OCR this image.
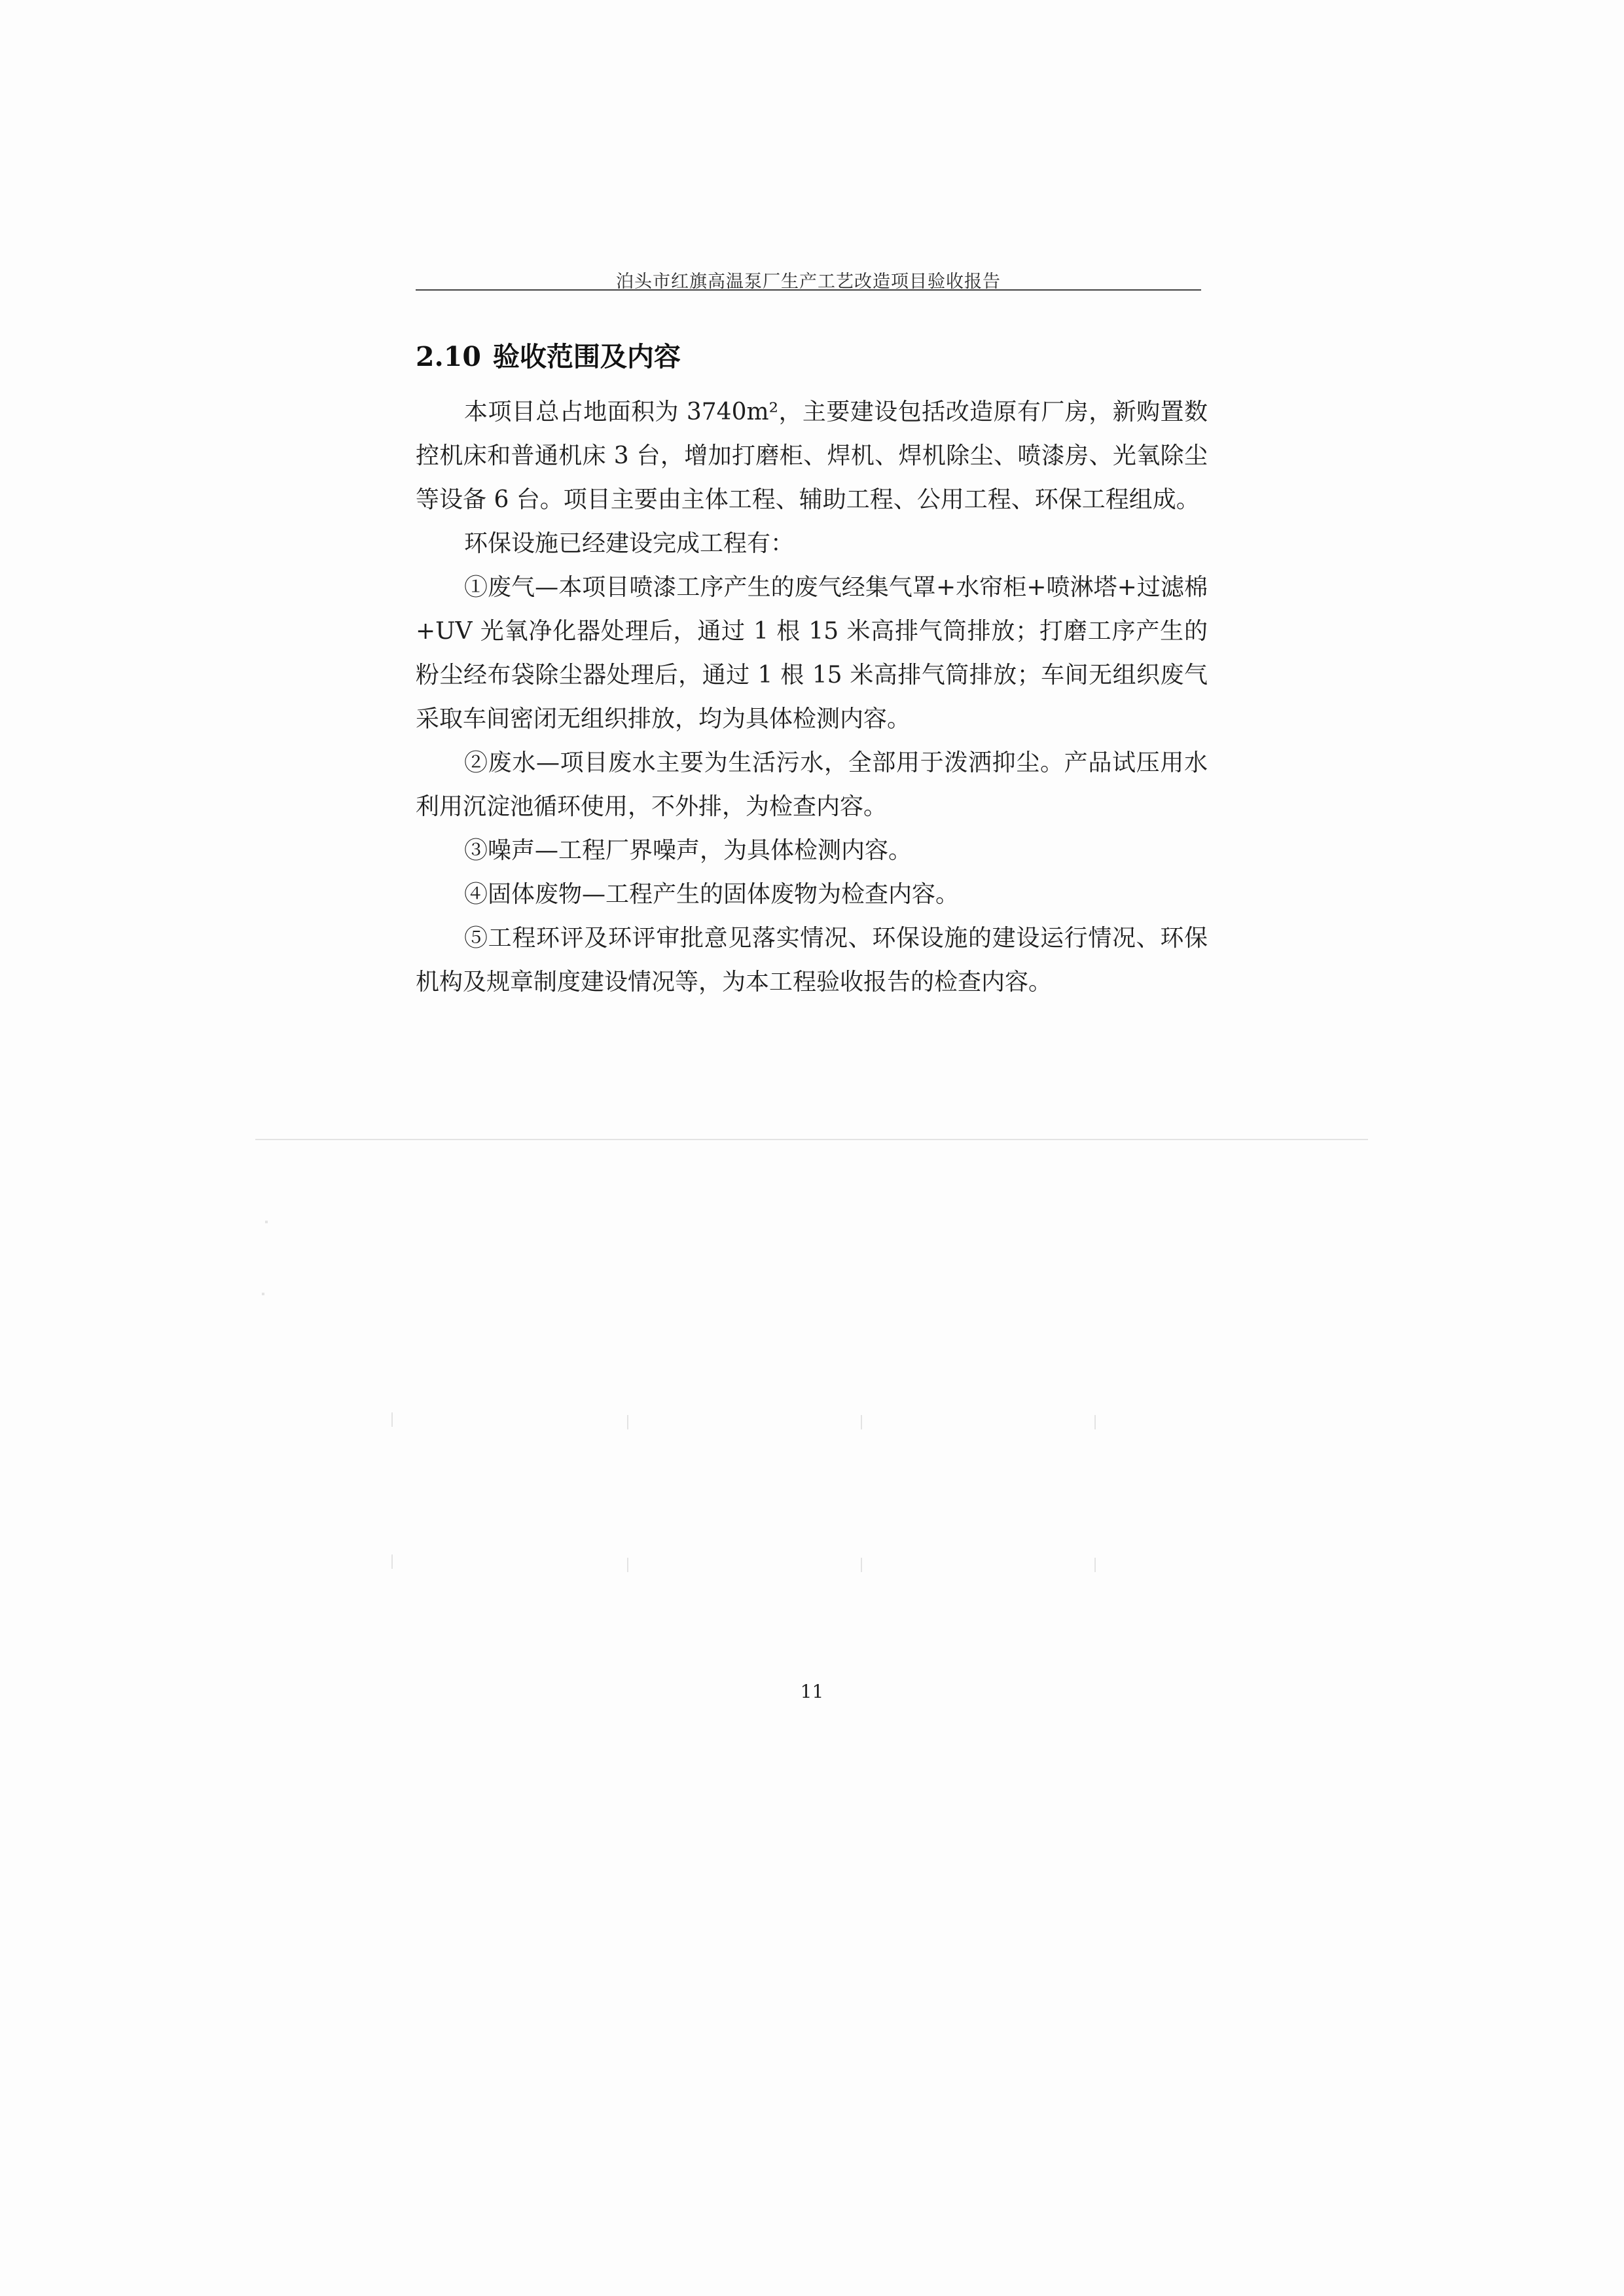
泊头市红旗高温泵厂生产工艺改造项目验收报告
2.10 验收范围及内容

本项目总占地面积为 3740m²，主要建设包括改造原有厂房，新购置数控机床和普通机床 3 台，增加打磨柜、焊机、焊机除尘、喷漆房、光氧除尘等设备 6 台。项目主要由主体工程、辅助工程、公用工程、环保工程组成。

环保设施已经建设完成工程有：

①废气—本项目喷漆工序产生的废气经集气罩+水帘柜+喷淋塔+过滤棉+UV 光氧净化器处理后，通过 1 根 15 米高排气筒排放；打磨工序产生的粉尘经布袋除尘器处理后，通过 1 根 15 米高排气筒排放；车间无组织废气采取车间密闭无组织排放，均为具体检测内容。

②废水—项目废水主要为生活污水，全部用于泼洒抑尘。产品试压用水利用沉淀池循环使用，不外排，为检查内容。

③噪声—工程厂界噪声，为具体检测内容。

④固体废物—工程产生的固体废物为检查内容。

⑤工程环评及环评审批意见落实情况、环保设施的建设运行情况、环保机构及规章制度建设情况等，为本工程验收报告的检查内容。

11
